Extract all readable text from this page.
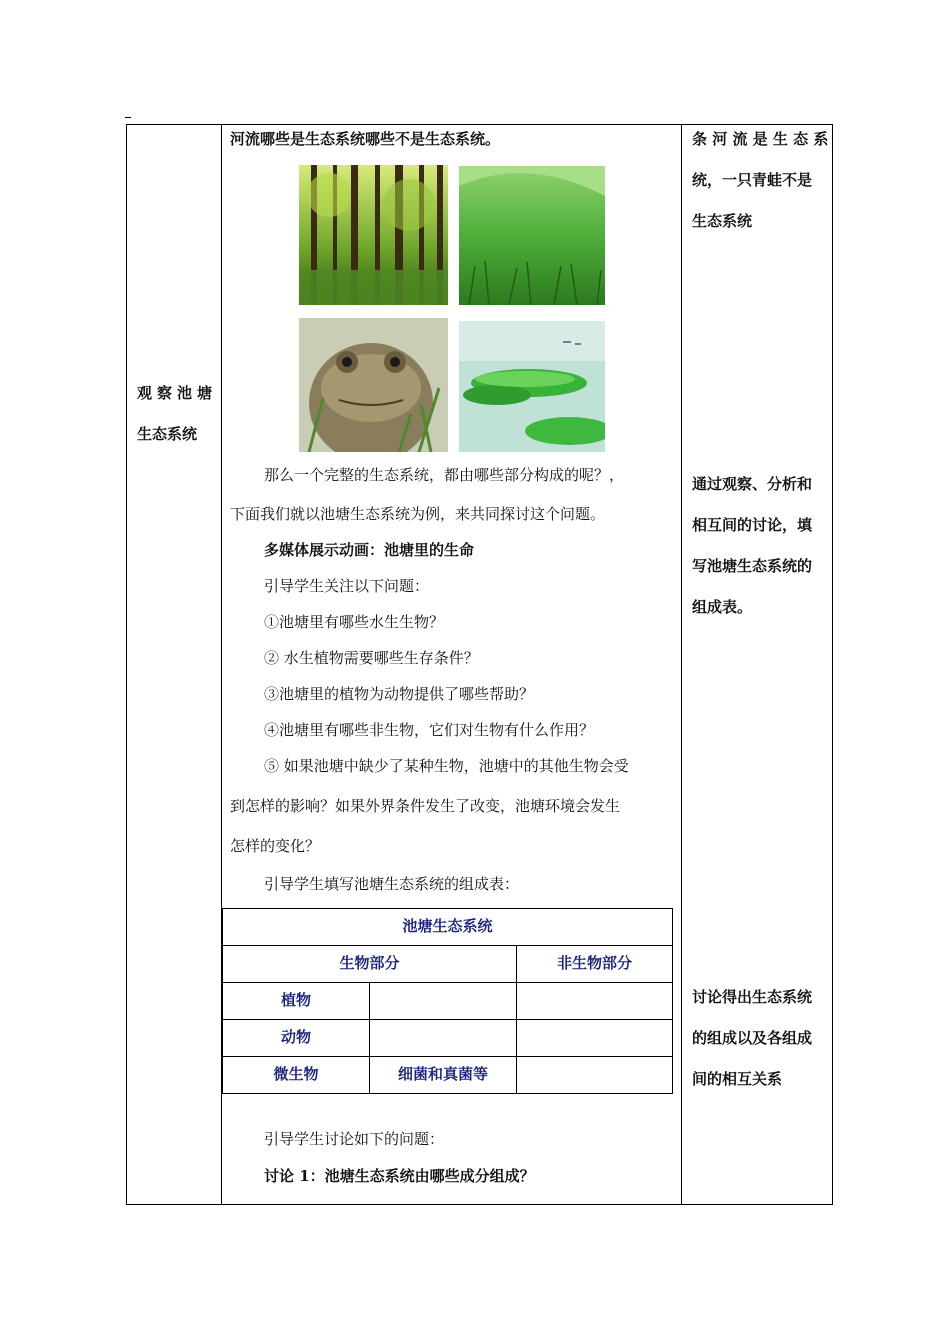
观察池塘
生态系统
河流哪些是生态系统哪些不是生态系统。
那么一个完整的生态系统，都由哪些部分构成的呢？，
下面我们就以池塘生态系统为例，来共同探讨这个问题。
多媒体展示动画：池塘里的生命
引导学生关注以下问题：
①池塘里有哪些水生生物？
② 水生植物需要哪些生存条件？
③池塘里的植物为动物提供了哪些帮助？
④池塘里有哪些非生物，它们对生物有什么作用？
⑤ 如果池塘中缺少了某种生物，池塘中的其他生物会受
到怎样的影响？如果外界条件发生了改变，池塘环境会发生
怎样的变化？
引导学生填写池塘生态系统的组成表：
池塘生态系统		
生物部分		非生物部分
植物		
动物		
微生物	细菌和真菌等	
引导学生讨论如下的问题：
讨论 1：池塘生态系统由哪些成分组成？
条 河 流 是 生 态 系
统，一只青蛙不是
生态系统
通过观察、分析和
相互间的讨论，填
写池塘生态系统的
组成表。
讨论得出生态系统
的组成以及各组成
间的相互关系
